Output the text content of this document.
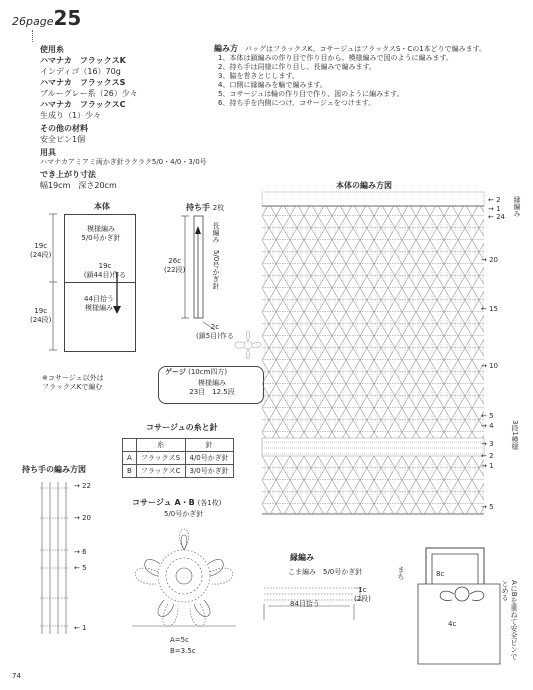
26page25
使用糸
ハマナカ　フラックスK
インディゴ（16）70g
ハマナカ　フラックスS
ブルーグレー系（26）少々
ハマナカ　フラックスC
生成り（1）少々
その他の材料
安全ピン1個
用具
ハマナカアミアミ両かぎ針ラクラク5/0・4/0・3/0号
でき上がり寸法
幅19cm　深さ20cm
編み方　 バッグはフラックスK、コサージュはフラックスS・Cの1本どりで編みます。
1、本体は鎖編みの作り目で作り目から、模様編みで図のように編みます。
2、持ち手は同様に作り目し、長編みで編みます。
3、脇を巻きとじします。
4、口側に縁編みを輪で編みます。
5、コサージュは輪の作り目で作り、図のように編みます。
6、持ち手を内側につけ、コサージュをつけます。
本体
模様編み
5/0号かぎ針
19c
(鎖44目)作る
44目拾う
模様編み
19c
(24段)
19c
(24段)
持ち手 2枚
長編み
5/0号かぎ針
26c
(22段)
2c
(鎖5目)作る
※コサージュ以外は
フラックスKで編む
ゲージ (10cm四方)
模様編み
23目　12.5段
コサージュの糸と針
	糸	針
A	フラックスS	4/0号かぎ針
B	フラックスC	3/0号かぎ針
持ち手の編み方図
→ 22
→ 20
→ 6
← 5
← 1
コサージュ A・B (各1枚)
5/0号かぎ針
A=5c
B=3.5c
本体の編み方図
← 2
→ 1
← 24
→ 20
← 15
→ 10
← 5
→ 4
→ 3
← 2
→ 1
→ 5
縁編み
3段1模様
縁編み
こま編み　 5/0号かぎ針
1c
(2段)
84目拾う
8c
4c
まち
AにBを重ねて安全ピンでとめる
74
